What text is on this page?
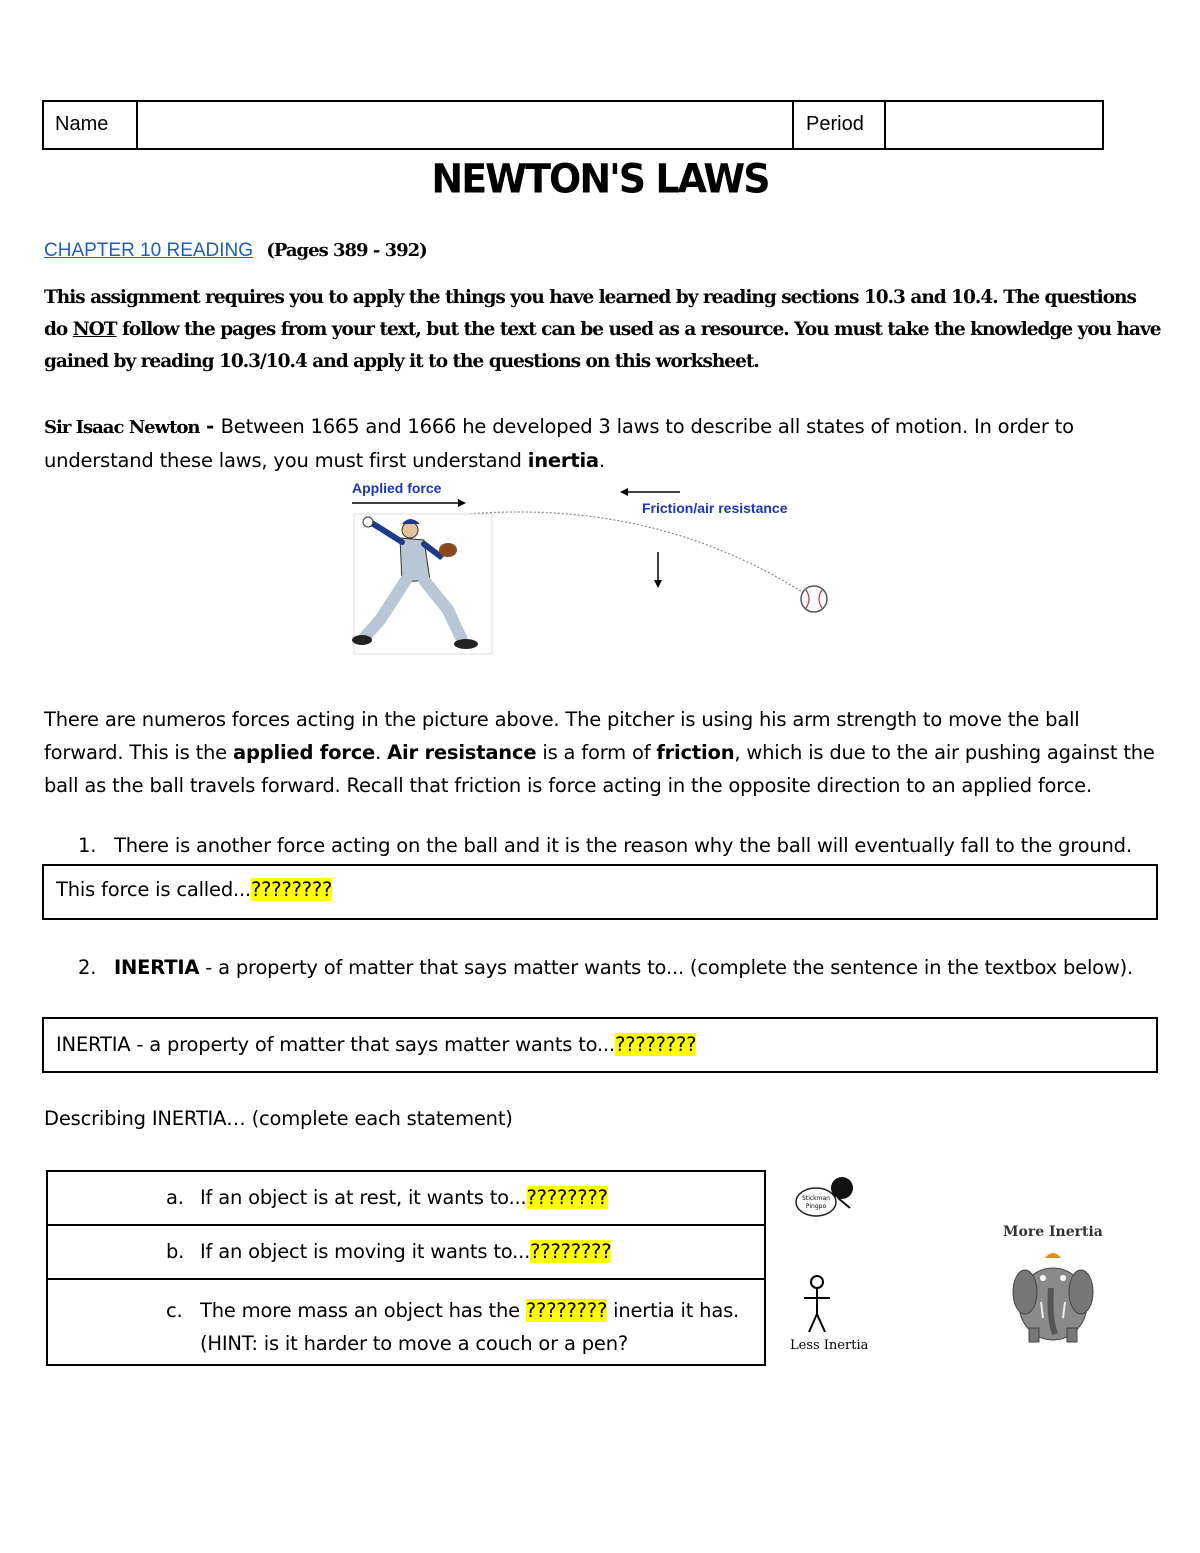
Name	Period
NEWTON'S LAWS
CHAPTER 10 READING (Pages 389 - 392)
This assignment requires you to apply the things you have learned by reading sections 10.3 and 10.4. The questions do NOT follow the pages from your text, but the text can be used as a resource. You must take the knowledge you have gained by reading 10.3/10.4 and apply it to the questions on this worksheet.
Sir Isaac Newton - Between 1665 and 1666 he developed 3 laws to describe all states of motion. In order to understand these laws, you must first understand inertia.
Applied force
Friction/air resistance
There are numeros forces acting in the picture above. The pitcher is using his arm strength to move the ball forward. This is the applied force. Air resistance is a form of friction, which is due to the air pushing against the ball as the ball travels forward. Recall that friction is force acting in the opposite direction to an applied force.
1. There is another force acting on the ball and it is the reason why the ball will eventually fall to the ground.
This force is called...????????
2. INERTIA - a property of matter that says matter wants to... (complete the sentence in the textbox below).
INERTIA - a property of matter that says matter wants to...????????
Describing INERTIA… (complete each statement)
a. If an object is at rest, it wants to...????????
b. If an object is moving it wants to...????????
c. The more mass an object has the ???????? inertia it has.
(HINT: is it harder to move a couch or a pen?
Stickman
Pingpo
Less Inertia
More Inertia
